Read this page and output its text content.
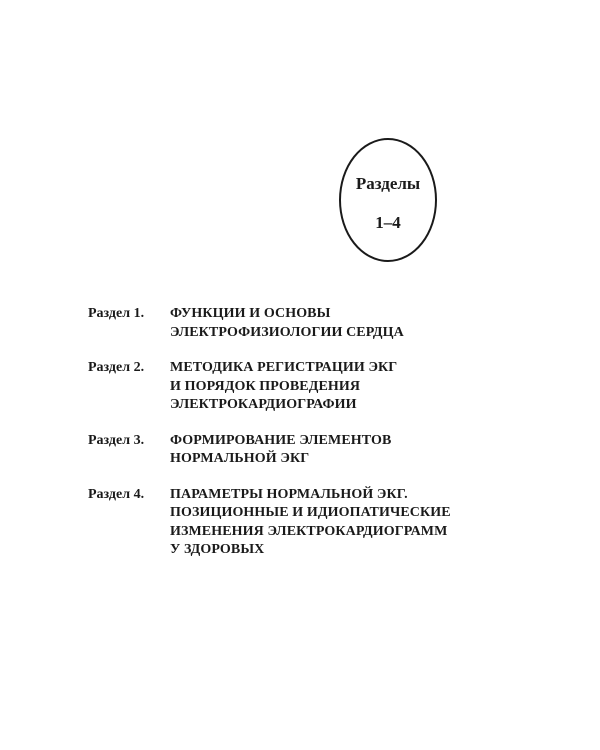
Разделы
1–4
Раздел 1.	ФУНКЦИИ И ОСНОВЫ
ЭЛЕКТРОФИЗИОЛОГИИ СЕРДЦА
Раздел 2.	МЕТОДИКА РЕГИСТРАЦИИ ЭКГ
И ПОРЯДОК ПРОВЕДЕНИЯ
ЭЛЕКТРОКАРДИОГРАФИИ
Раздел 3.	ФОРМИРОВАНИЕ ЭЛЕМЕНТОВ
НОРМАЛЬНОЙ ЭКГ
Раздел 4.	ПАРАМЕТРЫ НОРМАЛЬНОЙ ЭКГ.
ПОЗИЦИОННЫЕ И ИДИОПАТИЧЕСКИЕ
ИЗМЕНЕНИЯ ЭЛЕКТРОКАРДИОГРАММ
У ЗДОРОВЫХ
